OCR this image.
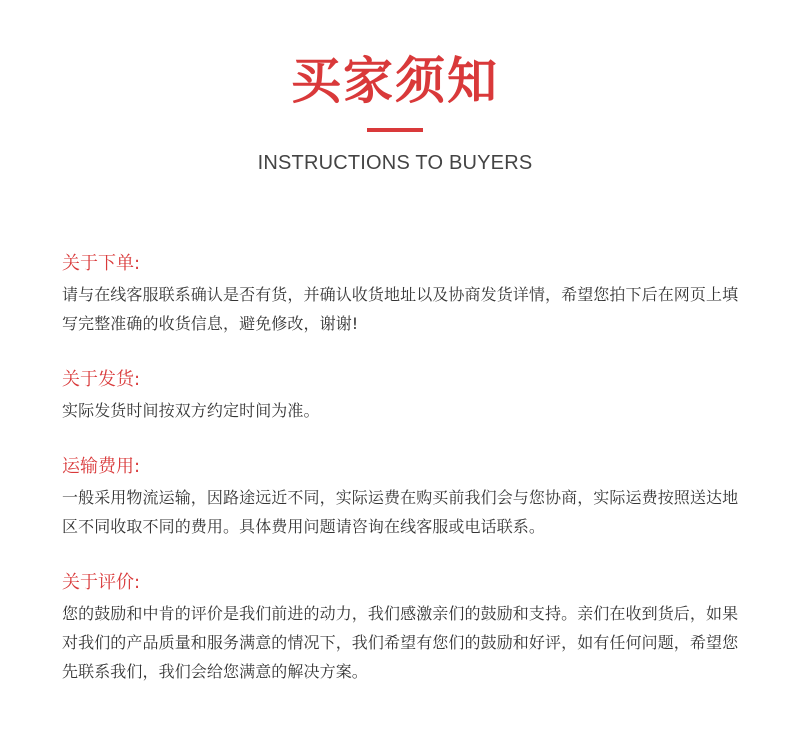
买家须知
INSTRUCTIONS TO BUYERS
关于下单:

请与在线客服联系确认是否有货，并确认收货地址以及协商发货详情，希望您拍下后在网页上填写完整准确的收货信息，避免修改，谢谢!

关于发货:

实际发货时间按双方约定时间为准。

运输费用:

一般采用物流运输，因路途远近不同，实际运费在购买前我们会与您协商，实际运费按照送达地区不同收取不同的费用。具体费用问题请咨询在线客服或电话联系。

关于评价:

您的鼓励和中肯的评价是我们前进的动力，我们感激亲们的鼓励和支持。亲们在收到货后，如果对我们的产品质量和服务满意的情况下，我们希望有您们的鼓励和好评，如有任何问题，希望您先联系我们，我们会给您满意的解决方案。
